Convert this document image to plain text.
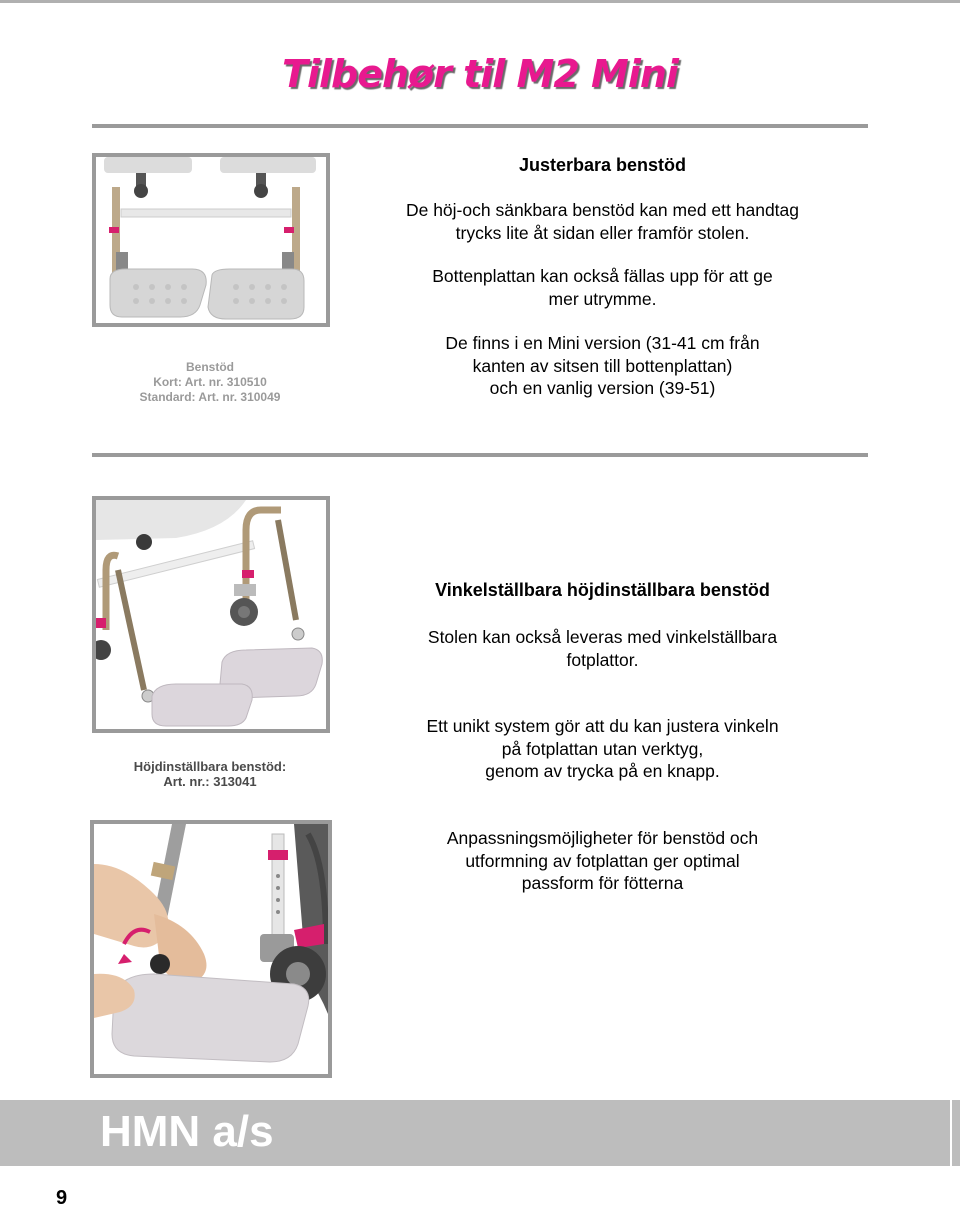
Tilbehør til M2 Mini
Benstöd
Kort: Art. nr. 310510
Standard: Art. nr. 310049
Justerbara benstöd
De höj-och sänkbara benstöd kan med ett handtag
trycks lite åt sidan eller framför stolen.
Bottenplattan kan också fällas upp för att ge
mer utrymme.
De finns i en Mini version (31-41 cm från
kanten av sitsen till bottenplattan)
och en vanlig version (39-51)
Höjdinställbara benstöd:
Art. nr.: 313041
Vinkelställbara höjdinställbara benstöd
Stolen kan också leveras med vinkelställbara
fotplattor.
Ett unikt system gör att du kan justera vinkeln
på fotplattan utan verktyg,
genom av trycka på en knapp.
Anpassningsmöjligheter för benstöd och
utformning av fotplattan ger optimal
passform för fötterna
HMN a/s
9
